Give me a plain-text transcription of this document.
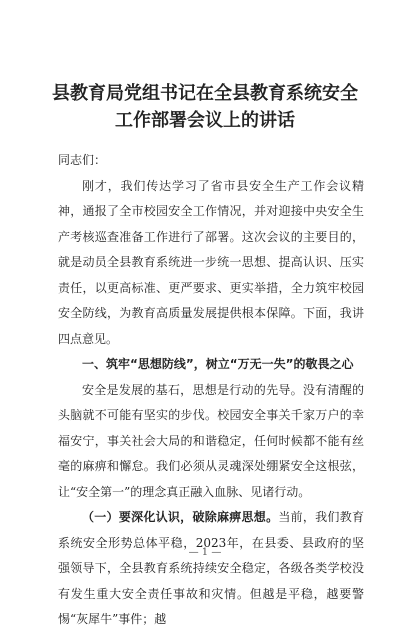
县教育局党组书记在全县教育系统安全工作部署会议上的讲话

同志们：

刚才，我们传达学习了省市县安全生产工作会议精神，通报了全市校园安全工作情况，并对迎接中央安全生产考核巡查准备工作进行了部署。这次会议的主要目的，就是动员全县教育系统进一步统一思想、提高认识、压实责任，以更高标准、更严要求、更实举措，全力筑牢校园安全防线，为教育高质量发展提供根本保障。下面，我讲四点意见。

一、筑牢“思想防线”，树立“万无一失”的敬畏之心

安全是发展的基石，思想是行动的先导。没有清醒的头脑就不可能有坚实的步伐。校园安全事关千家万户的幸福安宁，事关社会大局的和谐稳定，任何时候都不能有丝毫的麻痹和懈怠。我们必须从灵魂深处绷紧安全这根弦，让“安全第一”的理念真正融入血脉、见诸行动。

（一）要深化认识，破除麻痹思想。当前，我们教育系统安全形势总体平稳，2023年，在县委、县政府的坚强领导下，全县教育系统持续安全稳定，各级各类学校没有发生重大安全责任事故和灾情。但越是平稳，越要警惕“灰犀牛”事件；越

— 1 —
